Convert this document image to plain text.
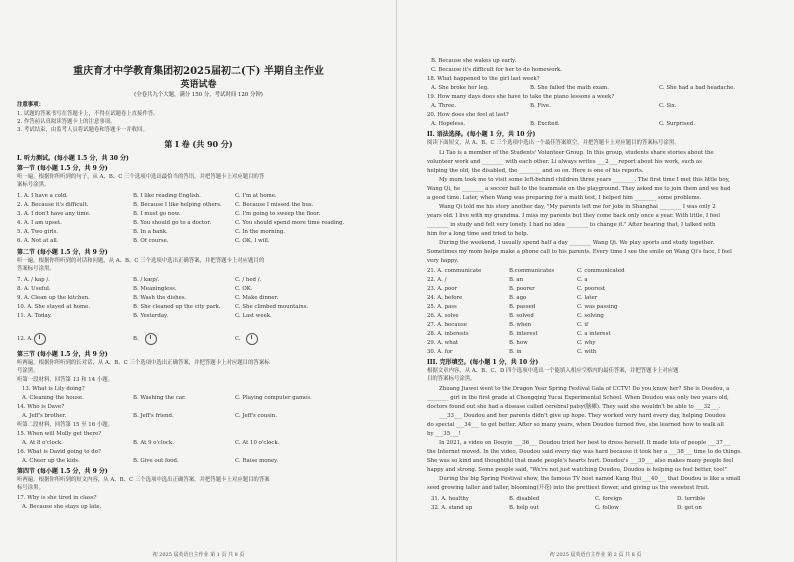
重庆育才中学教育集团初2025届初二(下) 半期自主作业
英语试卷
(全卷共九个大题，满分 150 分，考试时间 120 分钟)
注意事项：
1. 试题的答案书写在答题卡上，不得在试题卷上直接作答。
2. 作答前认真阅读答题卡上的注意事项。
3. 考试结束，由监考人员将试题卷和答题卡一并收回。
第 I 卷 (共 90 分)
I. 听力测试。(每小题 1.5 分，共 30 分)
第一节 (每小题 1.5 分，共 9 分)
听一遍。根据你所听到的句子，从 A、B、C 三个选项中选出最恰当的答语，并把答题卡上对应题目的答
案标号涂黑。
1. A. I have a cold.	B. I like reading English.	C. I'm at home.
2. A. Because it's difficult.	B. Because I like helping others. C. Because I missed the bus.
3. A. I don't have any time.	B. I must go now.	C. I'm going to sweep the floor.
4. A. I am upset.	B. You should go to a doctor.	C. You should spend more time reading.
5. A. Two girls.	B. In a bank.	C. In the morning.
6. A. Not at all.	B. Of course.	C. OK, I will.
第二节 (每小题 1.5 分，共 9 分)
听一遍。根据你所听到的对话和问题，从 A、B、C 三个选项中选出正确答案，并把答题卡上对应题目的
答案标号涂黑。
7. A. / kap /.	B. / kæp/.	C. / hed /.
8. A. Useful.	B. Meaningless.	C. OK.
9. A. Clean up the kitchen.	B. Wash the dishes.	C. Make dinner.
10. A. She stayed at home.	B. She cleaned up the city park.	C. She climbed mountains.
11. A. Today.	B. Yesterday.	C. Last week.
12. A.	B.	C.
第三节 (每小题 1.5 分，共 9 分)
听两遍。根据你所听到的长对话，从 A、B、C 三个选项中选出正确答案，并把答题卡上对应题目的答案标
号涂黑。
听第一段材料，回答第 13 和 14 小题。
13. What is Lily doing?
A. Cleaning the house.	B. Washing the car.	C. Playing computer games.
14. Who is Dave?
A. Jeff's brother.	B. Jeff's friend.	C. Jeff's cousin.
听第二段材料，回答第 15 至 16 小题。
15. When will Molly get there?
A. At 8 o'clock.	B. At 9 o'clock.	C. At 10 o'clock.
16. What is David going to do?
A. Cheer up the kids.	B. Give out food.	C. Raise money.
第四节 (每小题 1.5 分，共 9 分)
听两遍。根据你所听到的短文内容，从 A、B、C 三个选项中选出正确答案，并把答题卡上对应题目的答案
标号涂黑。
17. Why is she tired in class?
A. Because she stays up late.
初 2025 届英语自主作业 第 1 页 共 8 页
B. Because she wakes up early.
C. Because it's difficult for her to do homework.
18. What happened to the girl last week?
A. She broke her leg.	B. She failed the math exam.	C. She had a bad headache.
19. How many days does she have to take the piano lessons a week?
A. Three.	B. Five.	C. Six.
20. How does she feel at last?
A. Hopeless.	B. Excited.	C. Surprised.
II. 语法选择。(每小题 1 分，共 10 分)
阅读下面短文，从 A、B、C 三个选项中选出一个最佳答案填空，并把答题卡上对应题目的答案标号涂黑。
Li Tao is a member of the Students' Volunteer Group. In this group, students share stories about the
volunteer work and ________ with each other. Li always writes ___2___ report about his work, such as
helping the old, the disabled, the ________ and so on. Here is one of his reports.
My mom took me to visit some left-behind children three years ________. The first time I met this little boy,
Wang Qi, he ________ a soccer ball to the teammate on the playground. They asked me to join them and we had
a good time. Later, when Wang was preparing for a math test, I helped him ________ some problems.
Wang Qi told me his story another day, "My parents left me for jobs in Shanghai ________ I was only 2
years old. I live with my grandma. I miss my parents but they come back only once a year. With little, I feel
________ in study and felt very lonely. I had no idea ________ to change it." After hearing that, I talked with
him for a long time and tried to help.
During the weekend, I usually spend half a day ________ Wang Qi. We play sports and study together.
Sometimes my mom helps make a phone call to his parents. Every time I see the smile on Wang Qi's face, I feel
very happy.
21. A. communicate	B.communicates	C. communicated
22. A. /	B. an	C. a
23. A. poor	B. poorer	C. poorest
24. A. before	B. ago	C. later
25. A. pass	B. passed	C. was passing
26. A. solve	B. solved	C. solving
27. A. because	B. when	C. if
28. A. interests	B. interest	C. a interest
29. A. what	B. how	C. why
30. A. for	B. in	C. with
III. 完形填空。(每小题 1 分，共 10 分)
根据文章内容，从 A、B、C、D 四个选项中选出一个能填入相应空格内的最佳答案，并把答题卡上对应题
目的答案标号涂黑。
Zhuang Jiawei went to the Dragon Year Spring Festival Gala of CCTV! Do you know her? She is Doudou, a
________ girl in the first grade at Chongqing Yucai Experimental School. When Doudou was only two years old,
doctors found out she had a disease called cerebral palsy(脑瘫). They said she wouldn't be able to ___32___.
___33___ Doudou and her parents didn't give up hope. They worked very hard every day, helping Doudou
do special ___34___ to get better. After so many years, when Doudou turned five, she learned how to walk all
by ___35___!
In 2021, a video on Douyin ___36___ Doudou tried her best to dress herself. It made lots of people ___37___
the Internet moved. In the video, Doudou said every day was hard because it took her a ___38___ time to do things.
She was so kind and thoughtful that made people's hearts hurt. Doudou's ___39___ also makes many people feel
happy and strong. Some people said, "We're not just watching Doudou, Doudou is helping us feel better, too!"
During the big Spring Festival show, the famous TV host named Kang Hui ___40___ that Doudou is like a small
seed growing taller and taller, blooming(开花) into the prettiest flower, and giving us the sweetest fruit.
31. A. healthy	B. disabled	C. foreign	D. terrible
32. A. stand up	B. help out	C. follow	D. get on
初 2025 届英语自主作业 第 2 页 共 8 页
